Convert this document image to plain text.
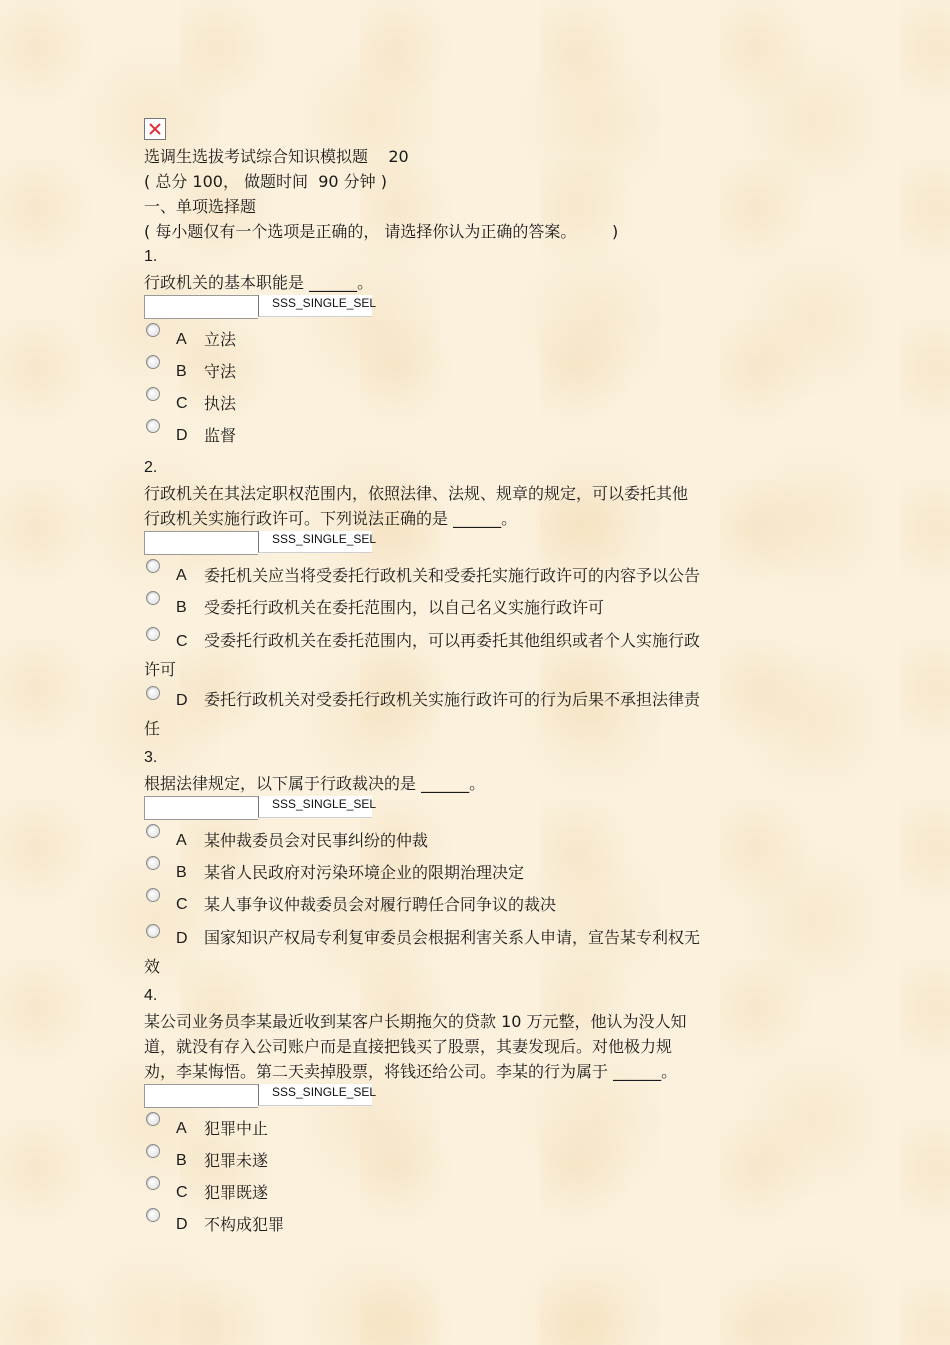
选调生选拔考试综合知识模拟题    20
( 总分 100， 做题时间  90 分钟 )
一、单项选择题
( 每小题仅有一个选项是正确的， 请选择你认为正确的答案。       )
1.
行政机关的基本职能是 ______。
SSS_SINGLE_SEL
A	立法
B	守法
C	执法
D	监督
2.
行政机关在其法定职权范围内，依照法律、法规、规章的规定，可以委托其他
行政机关实施行政许可。下列说法正确的是 ______。
SSS_SINGLE_SEL
A	委托机关应当将受委托行政机关和受委托实施行政许可的内容予以公告
B	受委托行政机关在委托范围内，以自己名义实施行政许可
C 受委托行政机关在委托范围内，可以再委托其他组织或者个人实施行政
许可
D 委托行政机关对受委托行政机关实施行政许可的行为后果不承担法律责
任
3.
根据法律规定，以下属于行政裁决的是 ______。
SSS_SINGLE_SEL
A	某仲裁委员会对民事纠纷的仲裁
B	某省人民政府对污染环境企业的限期治理决定
C	某人事争议仲裁委员会对履行聘任合同争议的裁决
D 国家知识产权局专利复审委员会根据利害关系人申请，宣告某专利权无
效
4.
某公司业务员李某最近收到某客户长期拖欠的贷款 10 万元整，他认为没人知
道，就没有存入公司账户而是直接把钱买了股票，其妻发现后。对他极力规
劝，李某悔悟。第二天卖掉股票，将钱还给公司。李某的行为属于 ______。
SSS_SINGLE_SEL
A	犯罪中止
B	犯罪未遂
C	犯罪既遂
D	不构成犯罪
